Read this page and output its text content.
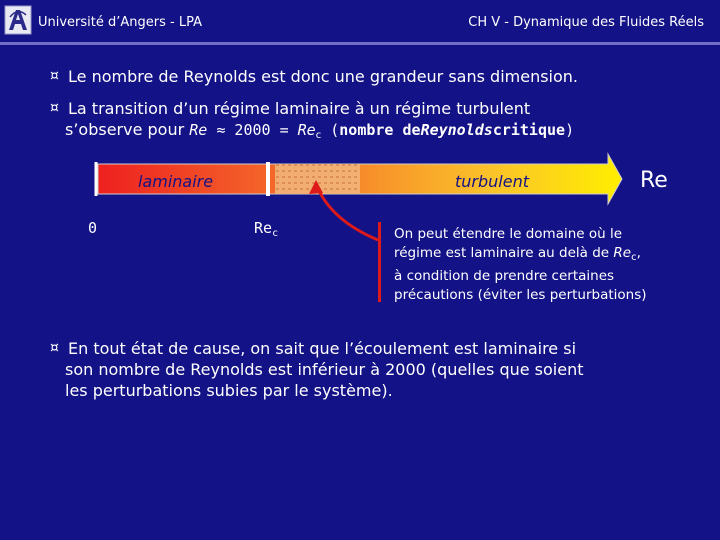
Université d’Angers - LPA	CH V - Dynamique des Fluides Réels
¤ Le nombre de Reynolds est donc une grandeur sans dimension.
¤ La transition d’un régime laminaire à un régime turbulent
s’observe pour $Re \approx 2000 = Re_c$ (nombre deReynoldscritique)
laminaire	turbulent	Re
0	$Re_c$	On peut étendre le domaine où le
régime est laminaire au delà de $Re_c$,
à condition de prendre certaines
précautions (éviter les perturbations)
¤ En tout état de cause, on sait que l’écoulement est laminaire si
son nombre de Reynolds est inférieur à 2000 (quelles que soient
les perturbations subies par le système).
